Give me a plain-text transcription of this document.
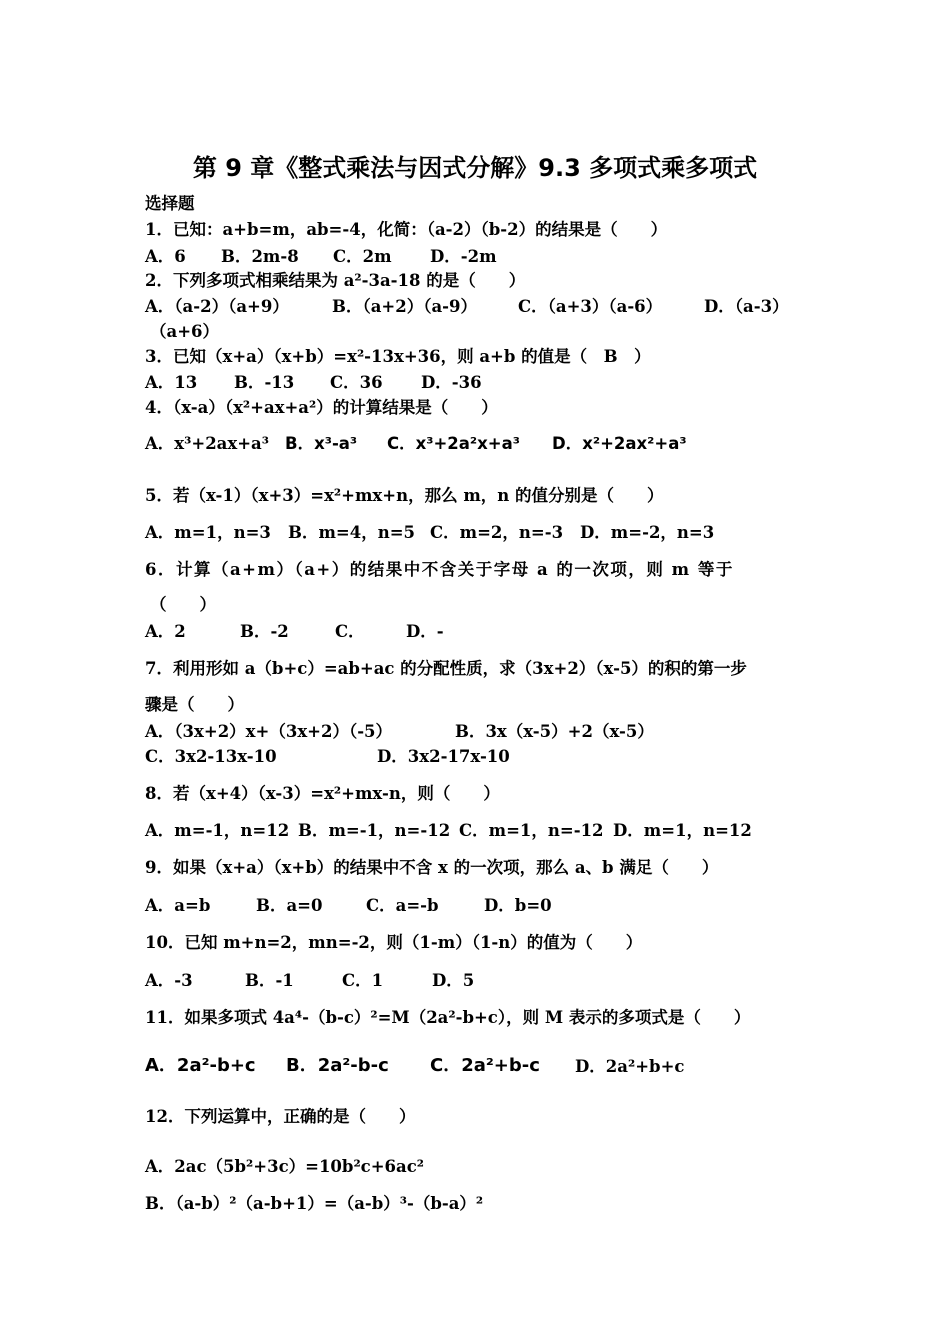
第 9 章《整式乘法与因式分解》9.3 多项式乘多项式
选择题
1．已知：a+b=m，ab=-4，化简：（a-2）（b-2）的结果是（　　）
A．6 B．2m-8 C．2m D．-2m
2．下列多项式相乘结果为 a²-3a-18 的是（　　）
A．（a-2）（a+9）	B．（a+2）（a-9） C．（a+3）（a-6）	D．（a-3）
（a+6）
3．已知（x+a）（x+b）=x²-13x+36，则 a+b 的值是（　B　）
A．13 B．-13 C．36 D．-36
4．（x-a）（x²+ax+a²）的计算结果是（　　）
A．x³+2ax+a³ B．x³-a³ C．x³+2a²x+a³ D．x²+2ax²+a³
5．若（x-1）（x+3）=x²+mx+n，那么 m，n 的值分别是（　　）
A．m=1，n=3 B．m=4，n=5 C．m=2，n=-3 D．m=-2，n=3
6．计算（a+m）（a+）的结果中不含关于字母 a 的一次项，则 m 等于
（　　）
A．2	B．-2	C．	D．-
7．利用形如 a（b+c）=ab+ac 的分配性质，求（3x+2）（x-5）的积的第一步
骤是（　　）
A．（3x+2）x+（3x+2）（-5）	B．3x（x-5）+2（x-5）
C．3x2-13x-10	D．3x2-17x-10
8．若（x+4）（x-3）=x²+mx-n，则（　　）
A．m=-1，n=12 B．m=-1，n=-12 C．m=1，n=-12 D．m=1，n=12
9．如果（x+a）（x+b）的结果中不含 x 的一次项，那么 a、b 满足（　　）
A．a=b	B．a=0	C．a=-b	D．b=0
10．已知 m+n=2，mn=-2，则（1-m）（1-n）的值为（　　）
A．-3	B．-1	C．1	D．5
11．如果多项式 4a⁴-（b-c）²=M（2a²-b+c），则 M 表示的多项式是（　　）
A．2a²-b+c B．2a²-b-c C．2a²+b-c D．2a²+b+c
12．下列运算中，正确的是（　　）
A．2ac（5b²+3c）=10b²c+6ac²
B．（a-b）²（a-b+1）=（a-b）³-（b-a）²
